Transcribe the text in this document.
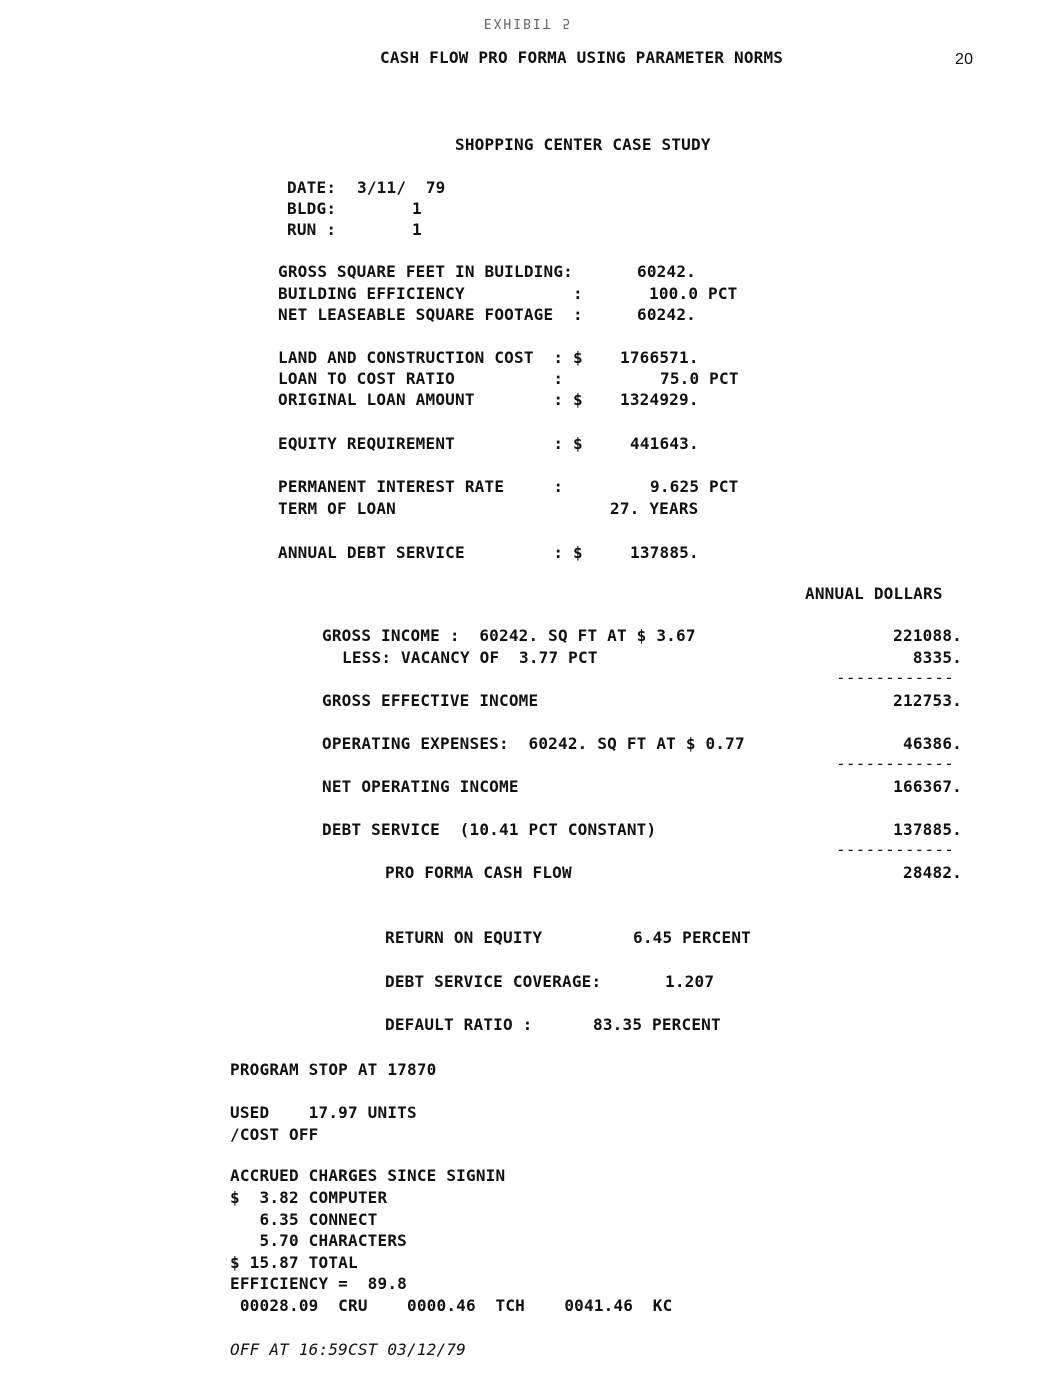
EXHIBIT 5
CASH FLOW PRO FORMA USING PARAMETER NORMS	20
SHOPPING CENTER CASE STUDY
DATE: 3/11/  79
BLDG:	1
RUN :	1
GROSS SQUARE FEET IN BUILDING:	60242.
BUILDING EFFICIENCY           :	100.0 PCT
NET LEASEABLE SQUARE FOOTAGE  :	60242.
LAND AND CONSTRUCTION COST  : $ 1766571.
LOAN TO COST RATIO          :	75.0 PCT
ORIGINAL LOAN AMOUNT        : $ 1324929.
EQUITY REQUIREMENT          : $	441643.
PERMANENT INTEREST RATE     :	9.625 PCT
TERM OF LOAN	27. YEARS
ANNUAL DEBT SERVICE         : $	137885.
ANNUAL DOLLARS
GROSS INCOME :  60242. SQ FT AT $ 3.67	221088.
LESS: VACANCY OF  3.77 PCT	8335.
------------
GROSS EFFECTIVE INCOME	212753.
OPERATING EXPENSES:  60242. SQ FT AT $ 0.77	46386.
------------
NET OPERATING INCOME	166367.
DEBT SERVICE  (10.41 PCT CONSTANT)	137885.
------------
PRO FORMA CASH FLOW	28482.
RETURN ON EQUITY	6.45 PERCENT
DEBT SERVICE COVERAGE:	1.207
DEFAULT RATIO :	83.35 PERCENT
PROGRAM STOP AT 17870
USED    17.97 UNITS
/COST OFF
ACCRUED CHARGES SINCE SIGNIN
$  3.82 COMPUTER
6.35 CONNECT
5.70 CHARACTERS
$ 15.87 TOTAL
EFFICIENCY =  89.8
00028.09  CRU    0000.46  TCH    0041.46  KC
OFF AT 16:59CST 03/12/79
